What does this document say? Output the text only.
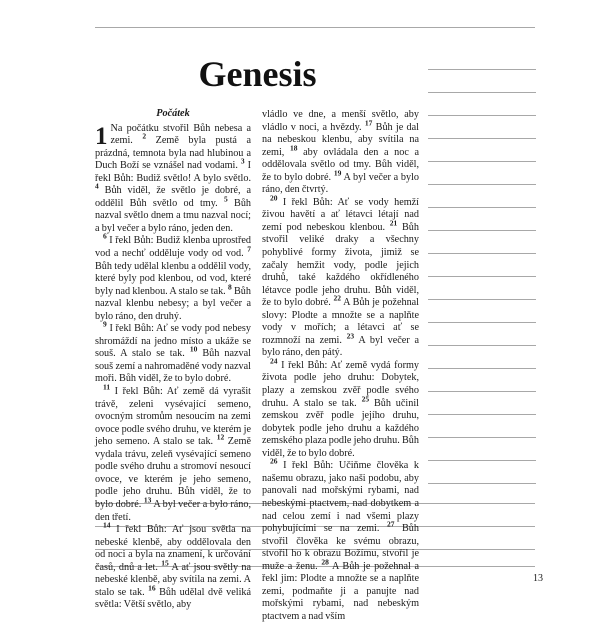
Genesis
Počátek

1 Na počátku stvořil Bůh nebesa a zemi. $^2$ Země byla pustá a prázdná, temnota byla nad hlubinou a Duch Boží se vznášel nad vodami. $^3$ I řekl Bůh: Budiž světlo! A bylo světlo. $^4$ Bůh viděl, že světlo je dobré, a oddělil Bůh světlo od tmy. $^5$ Bůh nazval světlo dnem a tmu nazval nocí; a byl večer a bylo ráno, jeden den.

$^6$ I řekl Bůh: Budiž klenba uprostřed vod a nechť odděluje vody od vod. $^7$ Bůh tedy udělal klenbu a oddělil vody, které byly pod klenbou, od vod, které byly nad klenbou. A stalo se tak. $^8$ Bůh nazval klenbu nebesy; a byl večer a bylo ráno, den druhý.

$^9$ I řekl Bůh: Ať se vody pod nebesy shromáždí na jedno místo a ukáže se souš. A stalo se tak. $^{10}$ Bůh nazval souš zemí a nahromaděné vody nazval moři. Bůh viděl, že to bylo dobré.

$^{11}$ I řekl Bůh: Ať země dá vyrašit trávě, zeleni vysévající semeno, ovocným stromům nesoucím na zemi ovoce podle svého druhu, ve kterém je jeho semeno. A stalo se tak. $^{12}$ Země vydala trávu, zeleň vysévající semeno podle svého druhu a stromoví nesoucí ovoce, ve kterém je jeho semeno, podle jeho druhu. Bůh viděl, že to bylo dobré. $^{13}$ A byl večer a bylo ráno, den třetí.

$^{14}$ I řekl Bůh: Ať jsou světla na nebeské klenbě, aby oddělovala den od noci a byla na znamení, k určování časů, dnů a let. $^{15}$ A ať jsou světly na nebeské klenbě, aby svítila na zemi. A stalo se tak. $^{16}$ Bůh udělal dvě veliká světla: Větší světlo, aby

vládlo ve dne, a menší světlo, aby vládlo v noci, a hvězdy. $^{17}$ Bůh je dal na nebeskou klenbu, aby svítila na zemi, $^{18}$ aby ovládala den a noc a oddělovala světlo od tmy. Bůh viděl, že to bylo dobré. $^{19}$ A byl večer a bylo ráno, den čtvrtý.

$^{20}$ I řekl Bůh: Ať se vody hemží živou havětí a ať létavci létají nad zemí pod nebeskou klenbou. $^{21}$ Bůh stvořil veliké draky a všechny pohyblivé formy života, jimiž se začaly hemžit vody, podle jejich druhů, také každého okřídleného létavce podle jeho druhu. Bůh viděl, že to bylo dobré. $^{22}$ A Bůh je požehnal slovy: Plodte a množte se a naplňte vody v mořích; a létavci ať se rozmnoží na zemi. $^{23}$ A byl večer a bylo ráno, den pátý.

$^{24}$ I řekl Bůh: Ať země vydá formy života podle jeho druhu: Dobytek, plazy a zemskou zvěř podle svého druhu. A stalo se tak. $^{25}$ Bůh učinil zemskou zvěř podle jejího druhu, dobytek podle jeho druhu a každého zemského plaza podle jeho druhu. Bůh viděl, že to bylo dobré.

$^{26}$ I řekl Bůh: Učiňme člověka k našemu obrazu, jako naši podobu, aby panovali nad mořskými rybami, nad nebeskými ptactvem, nad dobytkem a nad celou zemí i nad všemi plazy pohybujícími se na zemi. $^{27}$ Bůh stvořil člověka ke svému obrazu, stvořil ho k obrazu Božímu, stvořil je muže a ženu. $^{28}$ A Bůh je požehnal a řekl jim: Plodte a množte se a naplňte zemi, podmaňte ji a panujte nad mořskými rybami, nad nebeským ptactvem a nad vším

13
